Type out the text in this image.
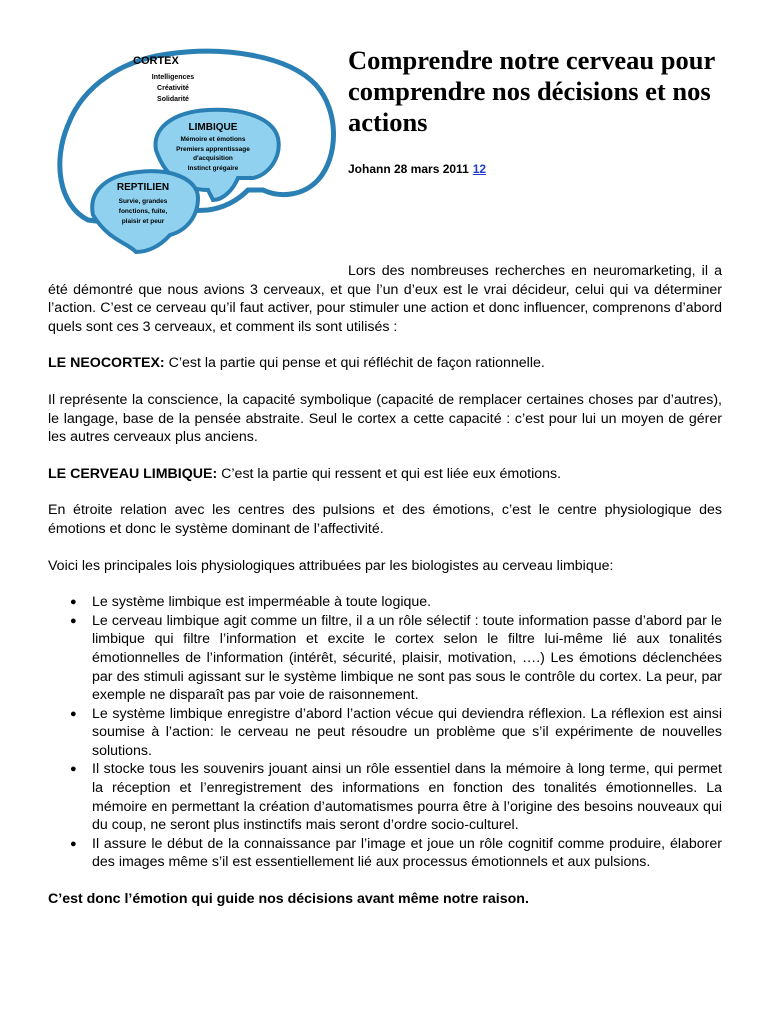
CORTEX
Intelligences
Créativité
Solidarité
LIMBIQUE
Mémoire et émotions
Premiers apprentissage
d'acquisition
Instinct grégaire
REPTILIEN
Survie, grandes
fonctions, fuite,
plaisir et peur
Comprendre notre cerveau pour comprendre nos décisions et nos actions
Johann 28 mars 2011 12

Lors des nombreuses recherches en neuromarketing, il a été démontré que nous avions 3 cerveaux, et que l’un d’eux est le vrai décideur, celui qui va déterminer l’action. C’est ce cerveau qu’il faut activer, pour stimuler une action et donc influencer, comprenons d’abord quels sont ces 3 cerveaux, et comment ils sont utilisés :

LE NEOCORTEX: C’est la partie qui pense et qui réfléchit de façon rationnelle.

Il représente la conscience, la capacité symbolique (capacité de remplacer certaines choses par d’autres), le langage, base de la pensée abstraite. Seul le cortex a cette capacité : c’est pour lui un moyen de gérer les autres cerveaux plus anciens.

LE CERVEAU LIMBIQUE: C’est la partie qui ressent et qui est liée eux émotions.

En étroite relation avec les centres des pulsions et des émotions, c’est le centre physiologique des émotions et donc le système dominant de l’affectivité.

Voici les principales lois physiologiques attribuées par les biologistes au cerveau limbique:

● Le système limbique est imperméable à toute logique.
● Le cerveau limbique agit comme un filtre, il a un rôle sélectif : toute information passe d’abord par le limbique qui filtre l’information et excite le cortex selon le filtre lui-même lié aux tonalités émotionnelles de l’information (intérêt, sécurité, plaisir, motivation, ….) Les émotions déclenchées par des stimuli agissant sur le système limbique ne sont pas sous le contrôle du cortex. La peur, par exemple ne disparaît pas par voie de raisonnement.
● Le système limbique enregistre d’abord l’action vécue qui deviendra réflexion. La réflexion est ainsi soumise à l’action: le cerveau ne peut résoudre un problème que s’il expérimente de nouvelles solutions.
● Il stocke tous les souvenirs jouant ainsi un rôle essentiel dans la mémoire à long terme, qui permet la réception et l’enregistrement des informations en fonction des tonalités émotionnelles. La mémoire en permettant la création d’automatismes pourra être à l’origine des besoins nouveaux qui du coup, ne seront plus instinctifs mais seront d’ordre socio-culturel.
● Il assure le début de la connaissance par l’image et joue un rôle cognitif comme produire, élaborer des images même s’il est essentiellement lié aux processus émotionnels et aux pulsions.

C’est donc l’émotion qui guide nos décisions avant même notre raison.
